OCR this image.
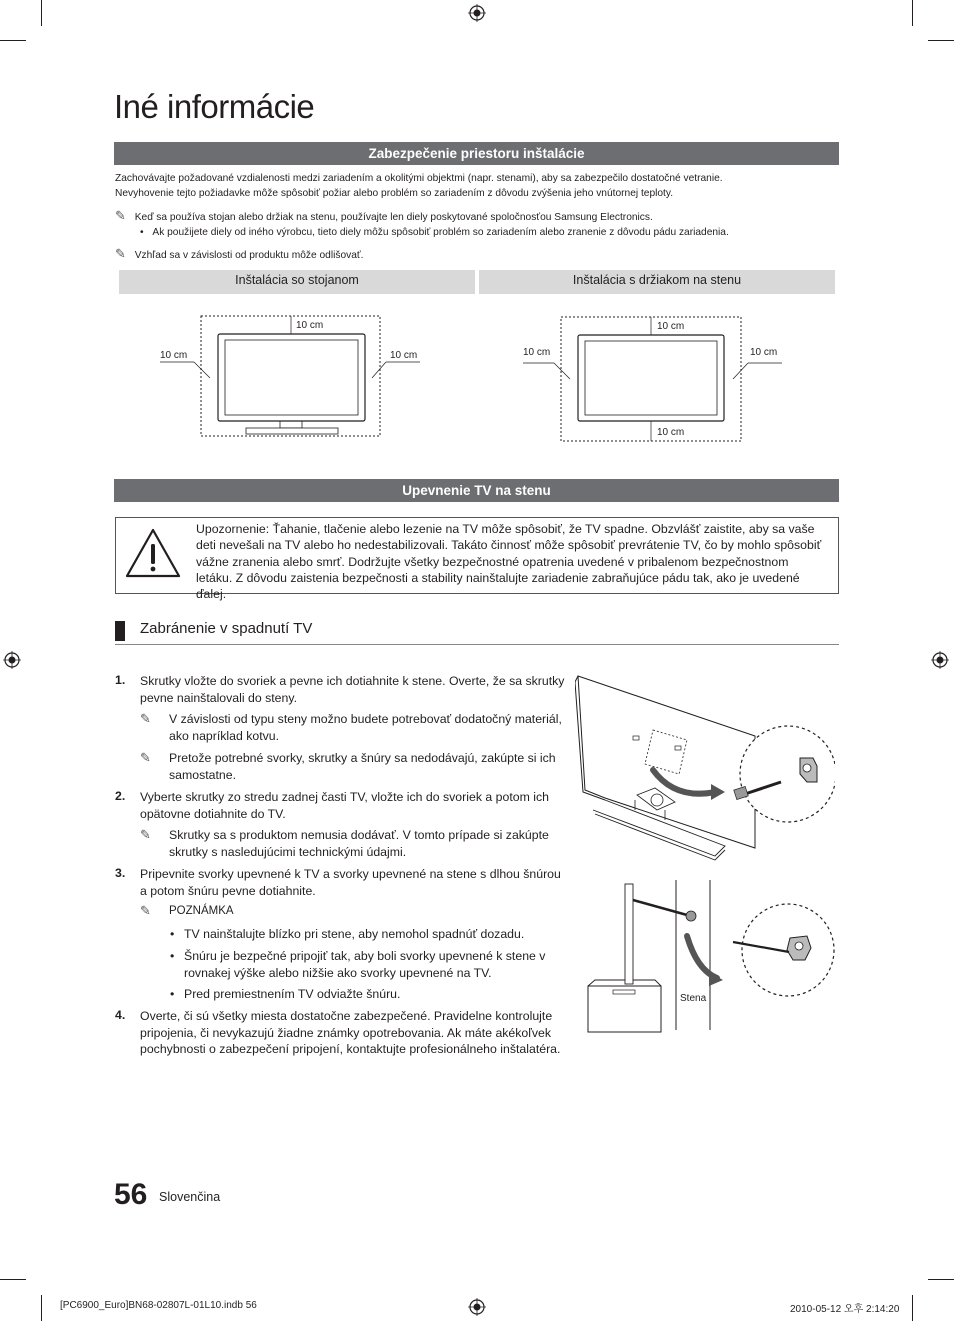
Iné informácie
Zabezpečenie priestoru inštalácie
Zachovávajte požadované vzdialenosti medzi zariadením a okolitými objektmi (napr. stenami), aby sa zabezpečilo dostatočné vetranie.
Nevyhovenie tejto požiadavke môže spôsobiť požiar alebo problém so zariadením z dôvodu zvýšenia jeho vnútornej teploty.
✎ Keď sa používa stojan alebo držiak na stenu, používajte len diely poskytované spoločnosťou Samsung Electronics.
• Ak použijete diely od iného výrobcu, tieto diely môžu spôsobiť problém so zariadením alebo zranenie z dôvodu pádu zariadenia.
✎ Vzhľad sa v závislosti od produktu môže odlišovať.
Inštalácia so stojanom	Inštalácia s držiakom na stenu
10 cm
10 cm	10 cm
10 cm
10 cm	10 cm
10 cm
Upevnenie TV na stenu
Upozornenie: Ťahanie, tlačenie alebo lezenie na TV môže spôsobiť, že TV spadne. Obzvlášť zaistite, aby sa vaše deti nevešali na TV alebo ho nedestabilizovali. Takáto činnosť môže spôsobiť prevrátenie TV, čo by mohlo spôsobiť vážne zranenia alebo smrť. Dodržujte všetky bezpečnostné opatrenia uvedené v pribalenom bezpečnostnom letáku. Z dôvodu zaistenia bezpečnosti a stability nainštalujte zariadenie zabraňujúce pádu tak, ako je uvedené ďalej.
Zabránenie v spadnutí TV
1. Skrutky vložte do svoriek a pevne ich dotiahnite k stene. Overte, že sa skrutky pevne nainštalovali do steny.
✎ V závislosti od typu steny možno budete potrebovať dodatočný materiál, ako napríklad kotvu.
✎ Pretože potrebné svorky, skrutky a šnúry sa nedodávajú, zakúpte si ich samostatne.
2. Vyberte skrutky zo stredu zadnej časti TV, vložte ich do svoriek a potom ich opätovne dotiahnite do TV.
✎ Skrutky sa s produktom nemusia dodávať. V tomto prípade si zakúpte skrutky s nasledujúcimi technickými údajmi.
3. Pripevnite svorky upevnené k TV a svorky upevnené na stene s dlhou šnúrou a potom šnúru pevne dotiahnite.
✎ POZNÁMKA
• TV nainštalujte blízko pri stene, aby nemohol spadnúť dozadu.
• Šnúru je bezpečné pripojiť tak, aby boli svorky upevnené k stene v rovnakej výške alebo nižšie ako svorky upevnené na TV.
• Pred premiestnením TV odviažte šnúru.
4. Overte, či sú všetky miesta dostatočne zabezpečené. Pravidelne kontrolujte pripojenia, či nevykazujú žiadne známky opotrebovania. Ak máte akékoľvek pochybnosti o zabezpečení pripojení, kontaktujte profesionálneho inštalatéra.
Stena
56 Slovenčina
[PC6900_Euro]BN68-02807L-01L10.indb 56	2010-05-12 오후 2:14:20
